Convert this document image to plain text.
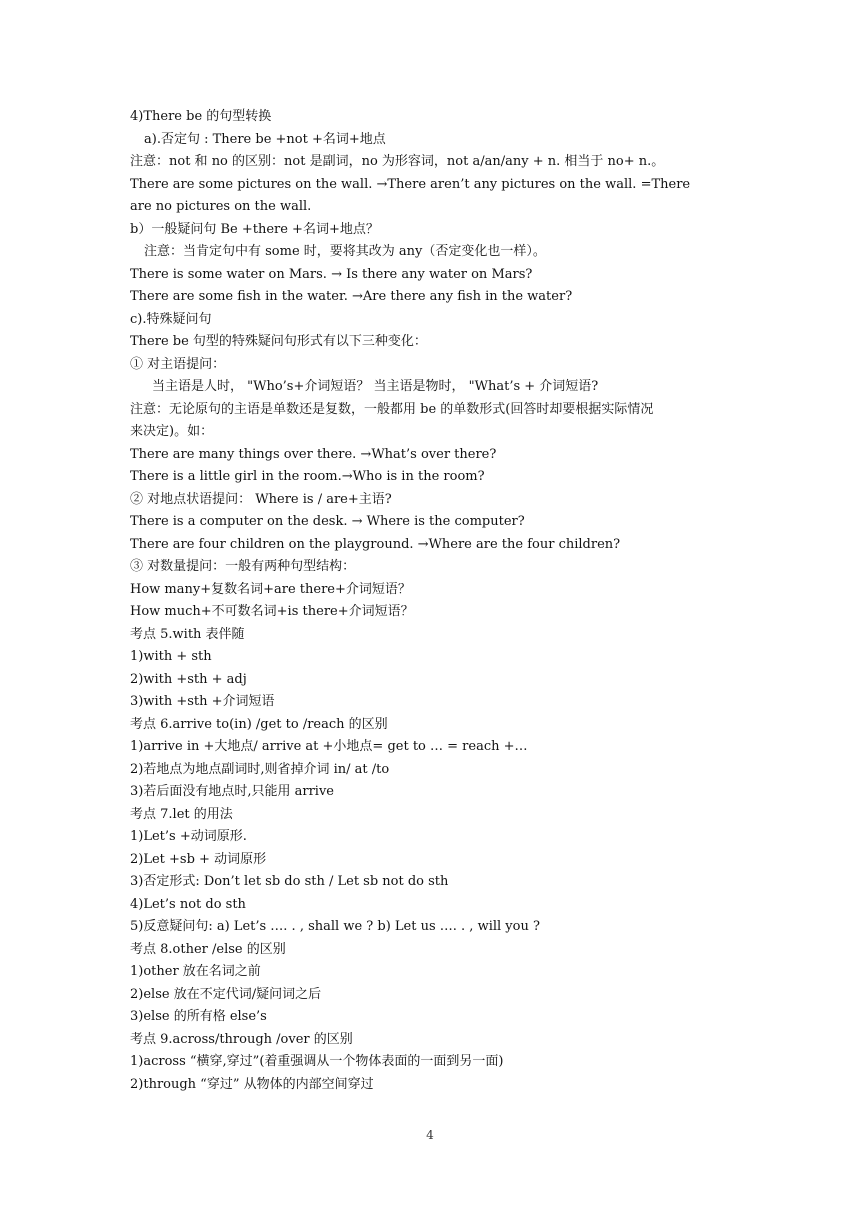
4)There be 的句型转换
a).否定句 : There be +not +名词+地点
注意：not 和 no 的区别：not 是副词，no 为形容词，not a/an/any + n. 相当于 no+ n.。
There are some pictures on the wall. →There aren’t any pictures on the wall. =There
are no pictures on the wall.
b）一般疑问句 Be +there +名词+地点？
注意：当肯定句中有 some 时，要将其改为 any（否定变化也一样）。
There is some water on Mars. → Is there any water on Mars?
There are some fish in the water. →Are there any fish in the water?
c).特殊疑问句
There be 句型的特殊疑问句形式有以下三种变化：
① 对主语提问：
当主语是人时， "Who’s+介词短语？ 当主语是物时， "What’s + 介词短语?
注意：无论原句的主语是单数还是复数，一般都用 be 的单数形式(回答时却要根据实际情况
来决定)。如：
There are many things over there. →What’s over there?
There is a little girl in the room.→Who is in the room?
② 对地点状语提问： Where is / are+主语?
There is a computer on the desk. → Where is the computer?
There are four children on the playground. →Where are the four children?
③ 对数量提问：一般有两种句型结构：
How many+复数名词+are there+介词短语？
How much+不可数名词+is there+介词短语？
考点 5.with 表伴随
1)with + sth
2)with +sth + adj
3)with +sth +介词短语
考点 6.arrive to(in) /get to /reach 的区别
1)arrive in +大地点/ arrive at +小地点= get to … = reach +…
2)若地点为地点副词时,则省掉介词 in/ at /to
3)若后面没有地点时,只能用 arrive
考点 7.let 的用法
1)Let’s +动词原形.
2)Let +sb + 动词原形
3)否定形式: Don’t let sb do sth / Let sb not do sth
4)Let’s not do sth
5)反意疑问句: a) Let’s …. . , shall we ? b) Let us …. . , will you ?
考点 8.other /else 的区别
1)other 放在名词之前
2)else 放在不定代词/疑问词之后
3)else 的所有格 else’s
考点 9.across/through /over 的区别
1)across “横穿,穿过”(着重强调从一个物体表面的一面到另一面)
2)through “穿过” 从物体的内部空间穿过
4
